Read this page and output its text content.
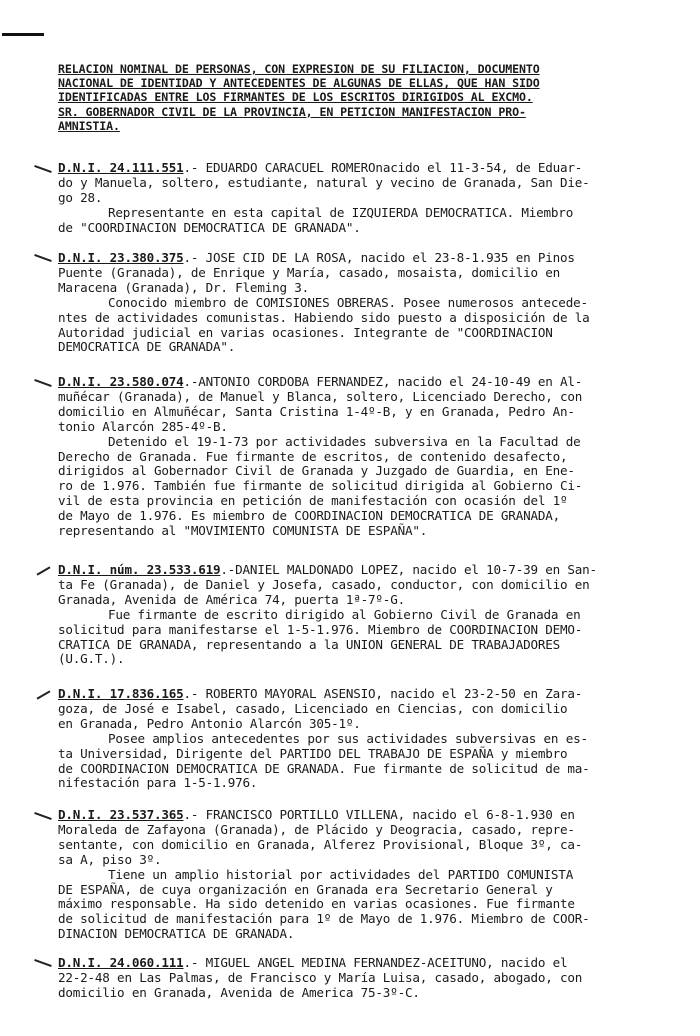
RELACION NOMINAL DE PERSONAS, CON EXPRESION DE SU FILIACION, DOCUMENTO
NACIONAL DE IDENTIDAD Y ANTECEDENTES DE ALGUNAS DE ELLAS, QUE HAN SIDO
IDENTIFICADAS ENTRE LOS FIRMANTES DE LOS ESCRITOS DIRIGIDOS AL EXCMO.
SR. GOBERNADOR CIVIL DE LA PROVINCIA, EN PETICION MANIFESTACION PRO-
AMNISTIA.
D.N.I. 24.111.551.- EDUARDO CARACUEL ROMEROnacido el 11-3-54, de Eduar-
do y Manuela, soltero, estudiante, natural y vecino de Granada, San Die-
go 28.
Representante en esta capital de IZQUIERDA DEMOCRATICA. Miembro
de "COORDINACION DEMOCRATICA DE GRANADA".
D.N.I. 23.380.375.- JOSE CID DE LA ROSA, nacido el 23-8-1.935 en Pinos
Puente (Granada), de Enrique y María, casado, mosaista, domicilio en
Maracena (Granada), Dr. Fleming 3.
Conocido miembro de COMISIONES OBRERAS. Posee numerosos antecede-
ntes de actividades comunistas. Habiendo sido puesto a disposición de la
Autoridad judicial en varias ocasiones. Integrante de "COORDINACION
DEMOCRATICA DE GRANADA".
D.N.I. 23.580.074.-ANTONIO CORDOBA FERNANDEZ, nacido el 24-10-49 en Al-
muñécar (Granada), de Manuel y Blanca, soltero, Licenciado Derecho, con
domicilio en Almuñécar, Santa Cristina 1-4º-B, y en Granada, Pedro An-
tonio Alarcón 285-4º-B.
Detenido el 19-1-73 por actividades subversiva en la Facultad de
Derecho de Granada. Fue firmante de escritos, de contenido desafecto,
dirigidos al Gobernador Civil de Granada y Juzgado de Guardia, en Ene-
ro de 1.976. También fue firmante de solicitud dirigida al Gobierno Ci-
vil de esta provincia en petición de manifestación con ocasión del 1º
de Mayo de 1.976. Es miembro de COORDINACION DEMOCRATICA DE GRANADA,
representando al "MOVIMIENTO COMUNISTA DE ESPAÑA".
D.N.I. núm. 23.533.619.-DANIEL MALDONADO LOPEZ, nacido el 10-7-39 en San-
ta Fe (Granada), de Daniel y Josefa, casado, conductor, con domicilio en
Granada, Avenida de América 74, puerta 1ª-7º-G.
Fue firmante de escrito dirigido al Gobierno Civil de Granada en
solicitud para manifestarse el 1-5-1.976. Miembro de COORDINACION DEMO-
CRATICA DE GRANADA, representando a la UNION GENERAL DE TRABAJADORES
(U.G.T.).
D.N.I. 17.836.165.- ROBERTO MAYORAL ASENSIO, nacido el 23-2-50 en Zara-
goza, de José e Isabel, casado, Licenciado en Ciencias, con domicilio
en Granada, Pedro Antonio Alarcón 305-1º.
Posee amplios antecedentes por sus actividades subversivas en es-
ta Universidad, Dirigente del PARTIDO DEL TRABAJO DE ESPAÑA y miembro
de COORDINACION DEMOCRATICA DE GRANADA. Fue firmante de solicitud de ma-
nifestación para 1-5-1.976.
D.N.I. 23.537.365.- FRANCISCO PORTILLO VILLENA, nacido el 6-8-1.930 en
Moraleda de Zafayona (Granada), de Plácido y Deogracia, casado, repre-
sentante, con domicilio en Granada, Alferez Provisional, Bloque 3º, ca-
sa A, piso 3º.
Tiene un amplio historial por actividades del PARTIDO COMUNISTA
DE ESPAÑA, de cuya organización en Granada era Secretario General y
máximo responsable. Ha sido detenido en varias ocasiones. Fue firmante
de solicitud de manifestación para 1º de Mayo de 1.976. Miembro de COOR-
DINACION DEMOCRATICA DE GRANADA.
D.N.I. 24.060.111.- MIGUEL ANGEL MEDINA FERNANDEZ-ACEITUNO, nacido el
22-2-48 en Las Palmas, de Francisco y María Luisa, casado, abogado, con
domicilio en Granada, Avenida de America 75-3º-C.
